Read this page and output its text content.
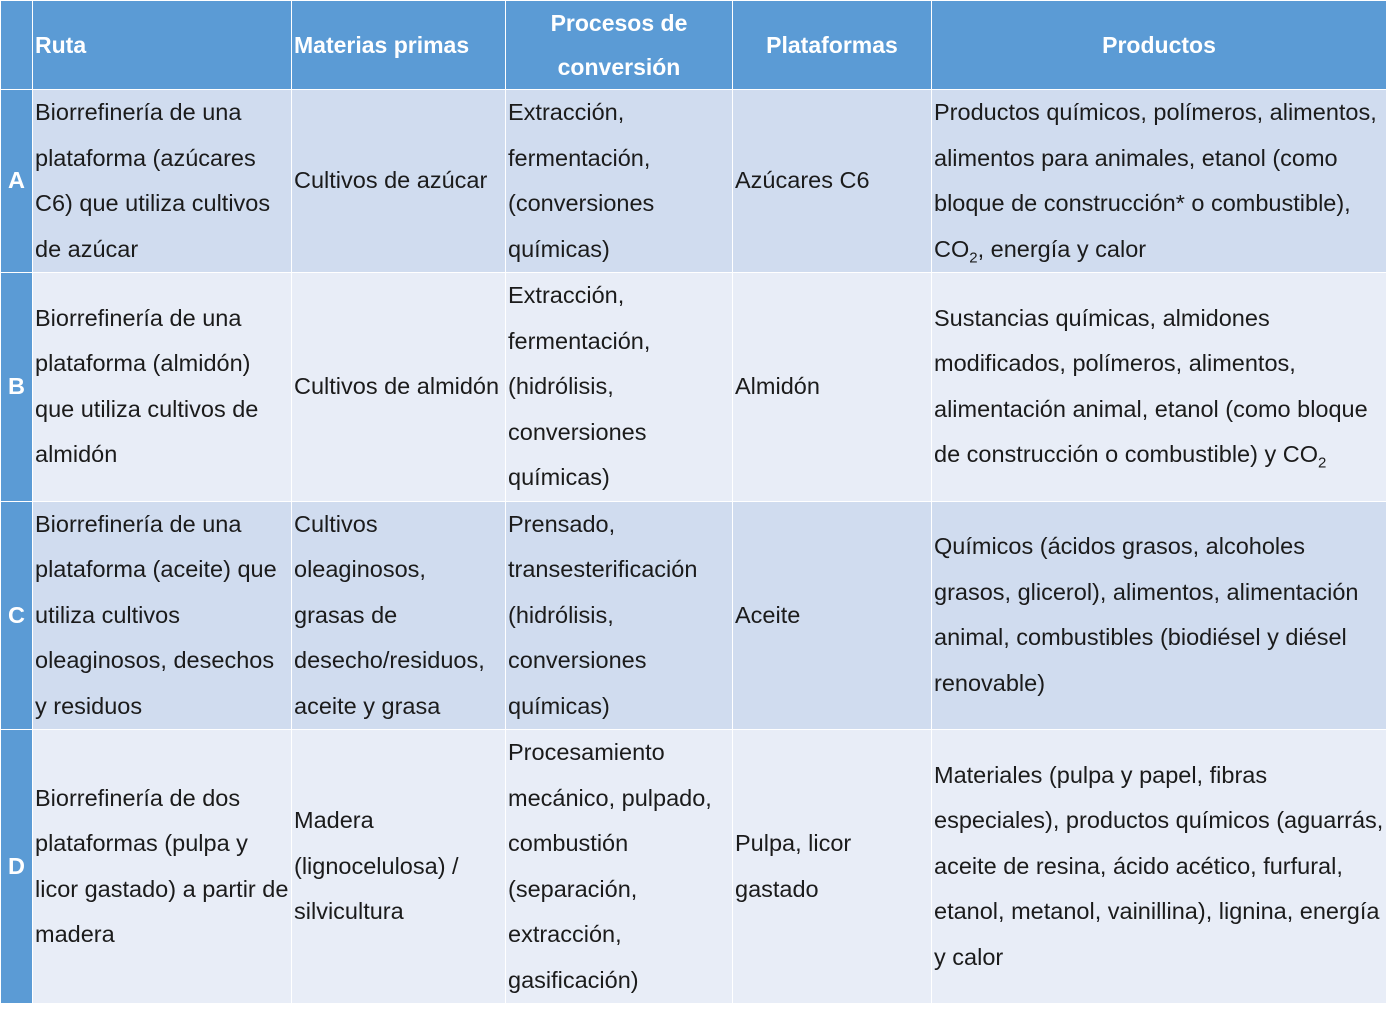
	Ruta	Materias primas	Procesos de conversión	Plataformas	Productos
A	Biorrefinería de una plataforma (azúcares C6) que utiliza cultivos de azúcar	Cultivos de azúcar	Extracción, fermentación, (conversiones químicas)	Azúcares C6	Productos químicos, polímeros, alimentos, alimentos para animales, etanol (como bloque de construcción* o combustible), $CO_2$, energía y calor
B	Biorrefinería de una plataforma (almidón) que utiliza cultivos de almidón	Cultivos de almidón	Extracción, fermentación, (hidrólisis, conversiones químicas)	Almidón	Sustancias químicas, almidones modificados, polímeros, alimentos, alimentación animal, etanol (como bloque de construcción o combustible) y $CO_2$
C	Biorrefinería de una plataforma (aceite) que utiliza cultivos oleaginosos, desechos y residuos	Cultivos oleaginosos, grasas de desecho/residuos, aceite y grasa	Prensado, transesterificación (hidrólisis, conversiones químicas)	Aceite	Químicos (ácidos grasos, alcoholes grasos, glicerol), alimentos, alimentación animal, combustibles (biodiésel y diésel renovable)
D	Biorrefinería de dos plataformas (pulpa y licor gastado) a partir de madera	Madera (lignocelulosa) / silvicultura	Procesamiento mecánico, pulpado, combustión (separación, extracción, gasificación)	Pulpa, licor gastado	Materiales (pulpa y papel, fibras especiales), productos químicos (aguarrás, aceite de resina, ácido acético, furfural, etanol, metanol, vainillina), lignina, energía y calor
